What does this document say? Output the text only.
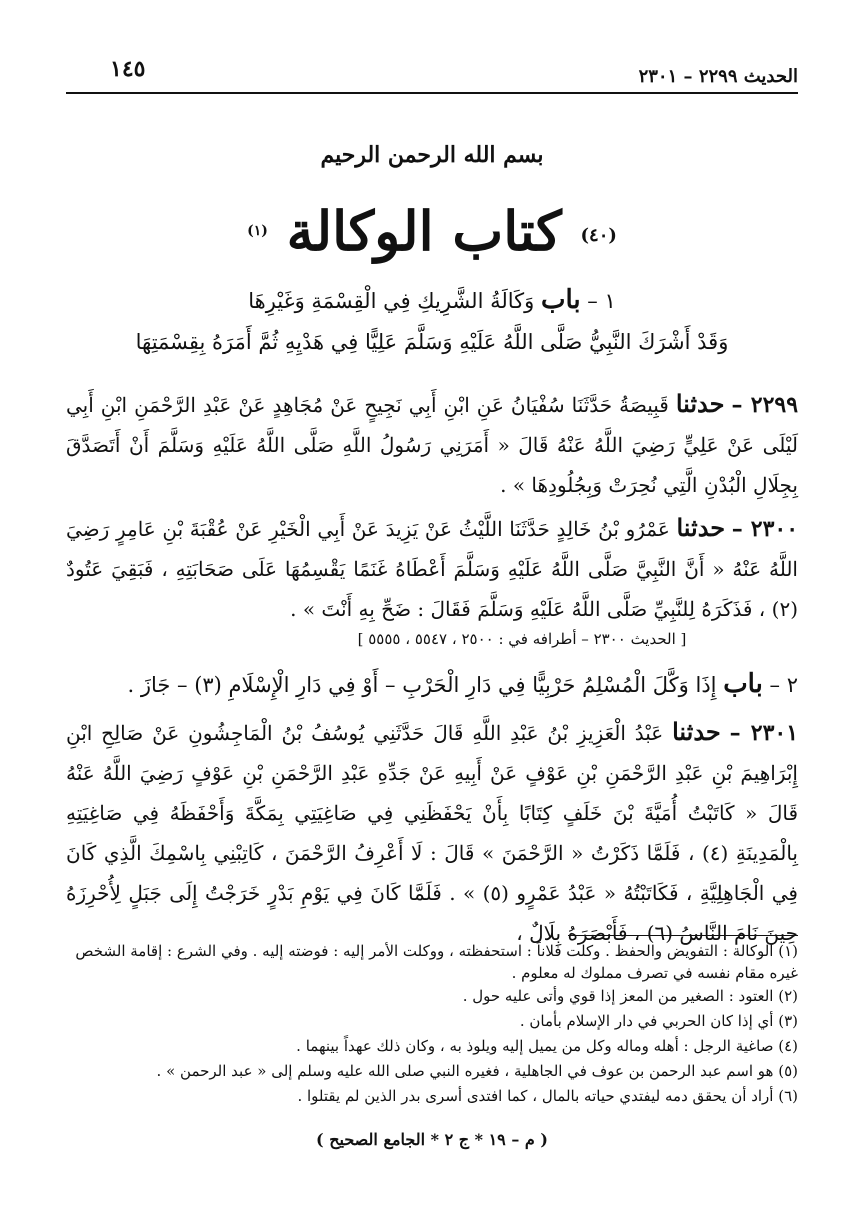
١٤٥	الحديث ٢٢٩٩ – ٢٣٠١
بسم الله الرحمن الرحيم
(٤٠) كتاب الوكالة $^{(١)}$
١ – باب وَكَالَةُ الشَّرِيكِ فِي الْقِسْمَةِ وَغَيْرِهَا
وَقَدْ أَشْرَكَ النَّبِيُّ صَلَّى اللَّهُ عَلَيْهِ وَسَلَّمَ عَلِيًّا فِي هَدْيِهِ ثُمَّ أَمَرَهُ بِقِسْمَتِهَا
٢٢٩٩ – حدثنا قَبِيصَةُ حَدَّثَنَا سُفْيَانُ عَنِ ابْنِ أَبِي نَجِيحٍ عَنْ مُجَاهِدٍ عَنْ عَبْدِ الرَّحْمَنِ ابْنِ أَبِي لَيْلَى عَنْ عَلِيٍّ رَضِيَ اللَّهُ عَنْهُ قَالَ « أَمَرَنِي رَسُولُ اللَّهِ صَلَّى اللَّهُ عَلَيْهِ وَسَلَّمَ أَنْ أَتَصَدَّقَ بِجِلَالِ الْبُدْنِ الَّتِي نُحِرَتْ وَبِجُلُودِهَا » .
٢٣٠٠ – حدثنا عَمْرُو بْنُ خَالِدٍ حَدَّثَنَا اللَّيْثُ عَنْ يَزِيدَ عَنْ أَبِي الْخَيْرِ عَنْ عُقْبَةَ بْنِ عَامِرٍ رَضِيَ اللَّهُ عَنْهُ « أَنَّ النَّبِيَّ صَلَّى اللَّهُ عَلَيْهِ وَسَلَّمَ أَعْطَاهُ غَنَمًا يَقْسِمُهَا عَلَى صَحَابَتِهِ ، فَبَقِيَ عَتُودٌ (٢) ، فَذَكَرَهُ لِلنَّبِيِّ صَلَّى اللَّهُ عَلَيْهِ وَسَلَّمَ فَقَالَ : ضَحِّ بِهِ أَنْتَ » .
[ الحديث ٢٣٠٠ – أطرافه في : ٢٥٠٠ ، ٥٥٤٧ ، ٥٥٥٥ ]
٢ – باب إِذَا وَكَّلَ الْمُسْلِمُ حَرْبِيًّا فِي دَارِ الْحَرْبِ – أَوْ فِي دَارِ الْإِسْلَامِ (٣) – جَازَ .
٢٣٠١ – حدثنا عَبْدُ الْعَزِيزِ بْنُ عَبْدِ اللَّهِ قَالَ حَدَّثَنِي يُوسُفُ بْنُ الْمَاجِشُونِ عَنْ صَالِحِ ابْنِ إِبْرَاهِيمَ بْنِ عَبْدِ الرَّحْمَنِ بْنِ عَوْفٍ عَنْ أَبِيهِ عَنْ جَدِّهِ عَبْدِ الرَّحْمَنِ بْنِ عَوْفٍ رَضِيَ اللَّهُ عَنْهُ قَالَ « كَاتَبْتُ أُمَيَّةَ بْنَ خَلَفٍ كِتَابًا بِأَنْ يَحْفَظَنِي فِي صَاغِيَتِي بِمَكَّةَ وَأَحْفَظَهُ فِي صَاغِيَتِهِ بِالْمَدِينَةِ (٤) ، فَلَمَّا ذَكَرْتُ « الرَّحْمَنَ » قَالَ : لَا أَعْرِفُ الرَّحْمَنَ ، كَاتِبْنِي بِاسْمِكَ الَّذِي كَانَ فِي الْجَاهِلِيَّةِ ، فَكَاتَبْتُهُ « عَبْدُ عَمْرٍو (٥) » . فَلَمَّا كَانَ فِي يَوْمِ بَدْرٍ خَرَجْتُ إِلَى جَبَلٍ لِأُحْرِزَهُ حِينَ نَامَ النَّاسُ (٦) ، فَأَبْصَرَهُ بِلَالٌ ،
(١) الوكالة : التفويض والحفظ . وكلت فلاناً : استحفظته ، ووكلت الأمر إليه : فوضته إليه . وفي الشرع : إقامة الشخص غيره مقام نفسه في تصرف مملوك له معلوم .
(٢) العتود : الصغير من المعز إذا قوي وأتى عليه حول .
(٣) أي إذا كان الحربي في دار الإسلام بأمان .
(٤) صاغية الرجل : أهله وماله وكل من يميل إليه ويلوذ به ، وكان ذلك عهداً بينهما .
(٥) هو اسم عبد الرحمن بن عوف في الجاهلية ، فغيره النبي صلى الله عليه وسلم إلى « عبد الرحمن » .
(٦) أراد أن يحقق دمه ليفتدي حياته بالمال ، كما افتدى أسرى بدر الذين لم يقتلوا .
( م – ١٩ * ج ٢ * الجامع الصحيح )
